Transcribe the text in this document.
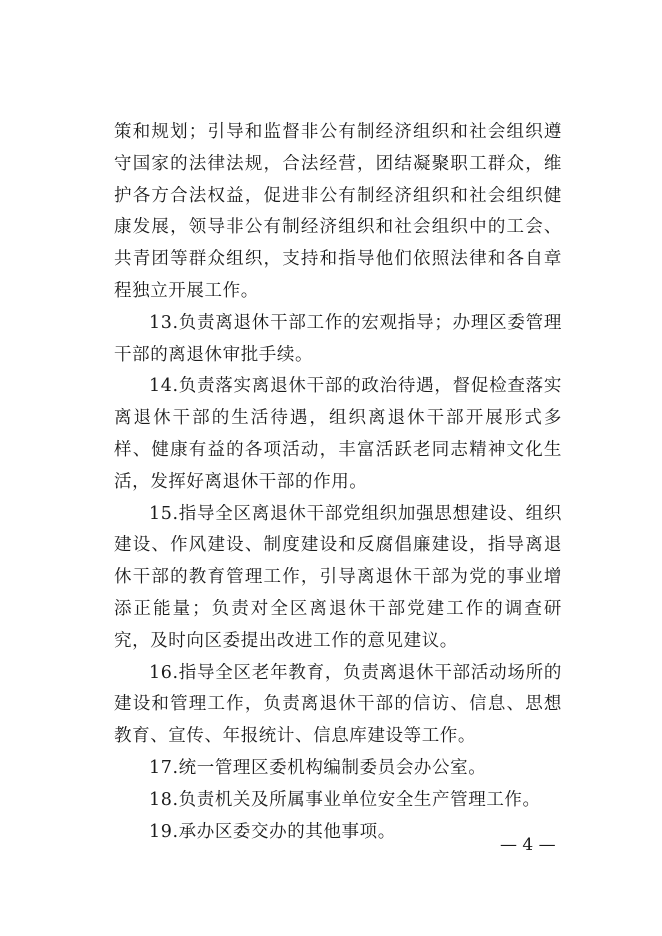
策和规划；引导和监督非公有制经济组织和社会组织遵守国家的法律法规，合法经营，团结凝聚职工群众，维护各方合法权益，促进非公有制经济组织和社会组织健康发展，领导非公有制经济组织和社会组织中的工会、共青团等群众组织，支持和指导他们依照法律和各自章程独立开展工作。

13.负责离退休干部工作的宏观指导；办理区委管理干部的离退休审批手续。

14.负责落实离退休干部的政治待遇，督促检查落实离退休干部的生活待遇，组织离退休干部开展形式多样、健康有益的各项活动，丰富活跃老同志精神文化生活，发挥好离退休干部的作用。

15.指导全区离退休干部党组织加强思想建设、组织建设、作风建设、制度建设和反腐倡廉建设，指导离退休干部的教育管理工作，引导离退休干部为党的事业增添正能量；负责对全区离退休干部党建工作的调查研究，及时向区委提出改进工作的意见建议。

16.指导全区老年教育，负责离退休干部活动场所的建设和管理工作，负责离退休干部的信访、信息、思想教育、宣传、年报统计、信息库建设等工作。

17.统一管理区委机构编制委员会办公室。

18.负责机关及所属事业单位安全生产管理工作。

19.承办区委交办的其他事项。

— 4 —
